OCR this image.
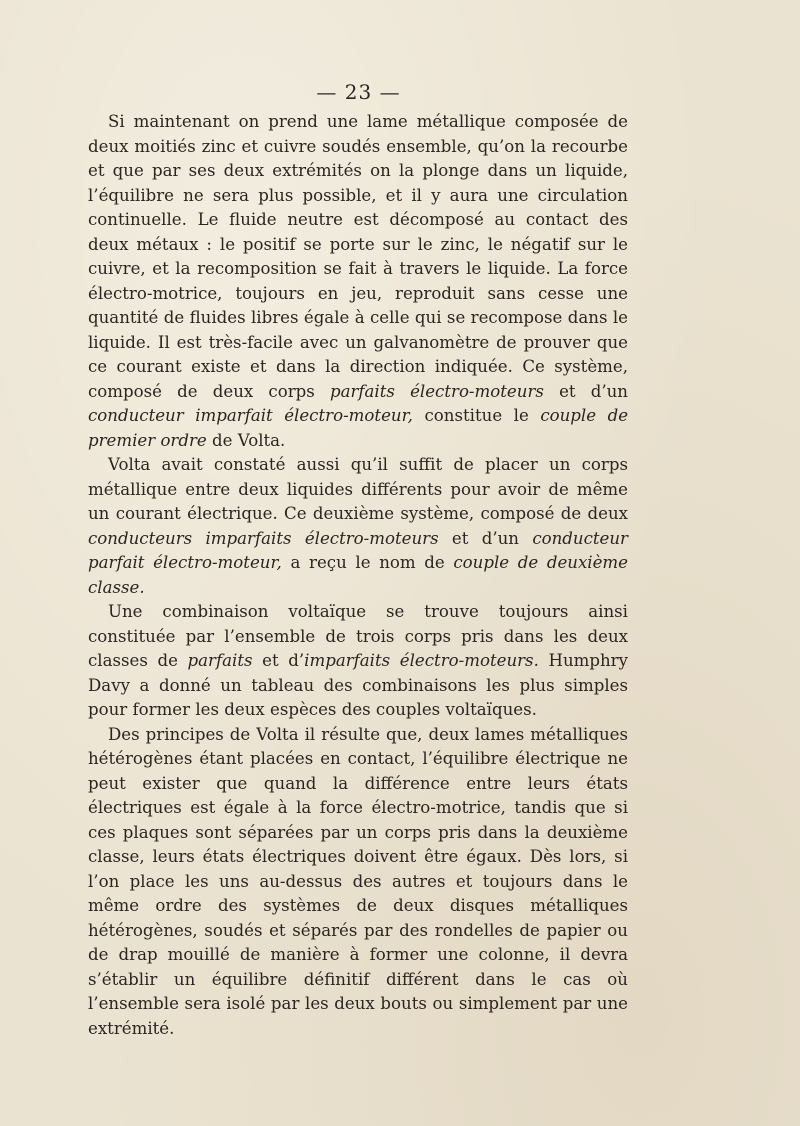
— 23 —

Si maintenant on prend une lame métallique composée de deux moitiés zinc et cuivre soudés ensemble, qu’on la recourbe et que par ses deux extrémités on la plonge dans un liquide, l’équilibre ne sera plus possible, et il y aura une circulation continuelle. Le fluide neutre est décomposé au contact des deux métaux : le positif se porte sur le zinc, le négatif sur le cuivre, et la recomposition se fait à travers le liquide. La force électro-motrice, toujours en jeu, reproduit sans cesse une quantité de fluides libres égale à celle qui se recompose dans le liquide. Il est très-facile avec un galvanomètre de prouver que ce courant existe et dans la direction indiquée. Ce système, composé de deux corps parfaits électro-moteurs et d’un conducteur imparfait électro-moteur, constitue le couple de premier ordre de Volta.

Volta avait constaté aussi qu’il suffit de placer un corps métallique entre deux liquides différents pour avoir de même un courant électrique. Ce deuxième système, composé de deux conducteurs imparfaits électro-moteurs et d’un conducteur parfait électro-moteur, a reçu le nom de couple de deuxième classe.

Une combinaison voltaïque se trouve toujours ainsi constituée par l’ensemble de trois corps pris dans les deux classes de parfaits et d’imparfaits électro-moteurs. Humphry Davy a donné un tableau des combinaisons les plus simples pour former les deux espèces des couples voltaïques.

Des principes de Volta il résulte que, deux lames métalliques hétérogènes étant placées en contact, l’équilibre électrique ne peut exister que quand la différence entre leurs états électriques est égale à la force électro-motrice, tandis que si ces plaques sont séparées par un corps pris dans la deuxième classe, leurs états électriques doivent être égaux. Dès lors, si l’on place les uns au-dessus des autres et toujours dans le même ordre des systèmes de deux disques métalliques hétérogènes, soudés et séparés par des rondelles de papier ou de drap mouillé de manière à former une colonne, il devra s’établir un équilibre définitif différent dans le cas où l’ensemble sera isolé par les deux bouts ou simplement par une extrémité.
